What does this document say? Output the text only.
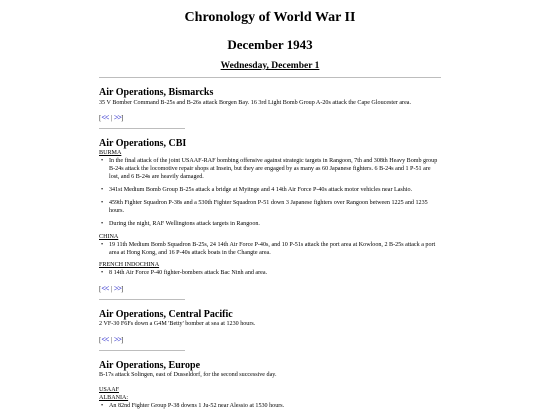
Chronology of World War II
December 1943
Wednesday, December 1
Air Operations, Bismarcks

35 V Bomber Command B-25s and B-26s attack Borgen Bay. 16 3rd Light Bomb Group A-20s attack the Cape Gloucester area.

[ << | >> ]
Air Operations, CBI
BURMA
• In the final attack of the joint USAAF-RAF bombing offensive against strategic targets in Rangoon, 7th and 308th Heavy Bomb group B-24s attack the locomotive repair shops at Insein, but they are engaged by as many as 60 Japanese fighters. 6 B-24s and 1 P-51 are lost, and 6 B-24s are heavily damaged.
• 341st Medium Bomb Group B-25s attack a bridge at Myitnge and 4 14th Air Force P-40s attack motor vehicles near Lashio.
• 459th Fighter Squadron P-38s and a 530th Fighter Squadron P-51 down 3 Japanese fighters over Rangoon between 1225 and 1235 hours.
• During the night, RAF Wellingtons attack targets in Rangoon.
CHINA
• 19 11th Medium Bomb Squadron B-25s, 24 14th Air Force P-40s, and 10 P-51s attack the port area at Kowloon, 2 B-25s attack a port area at Hong Kong, and 16 P-40s attack boats in the Changte area.
FRENCH INDOCHINA
• 8 14th Air Force P-40 fighter-bombers attack Bac Ninh and area.
[ << | >> ]
Air Operations, Central Pacific

2 VF-30 F6Fs down a G4M 'Betty' bomber at sea at 1230 hours.

[ << | >> ]
Air Operations, Europe

B-17s attack Solingen, east of Dusseldorf, for the second successive day.

USAAF
ALBANIA:
• An 82nd Fighter Group P-38 downs 1 Ju-52 near Alessio at 1530 hours.
